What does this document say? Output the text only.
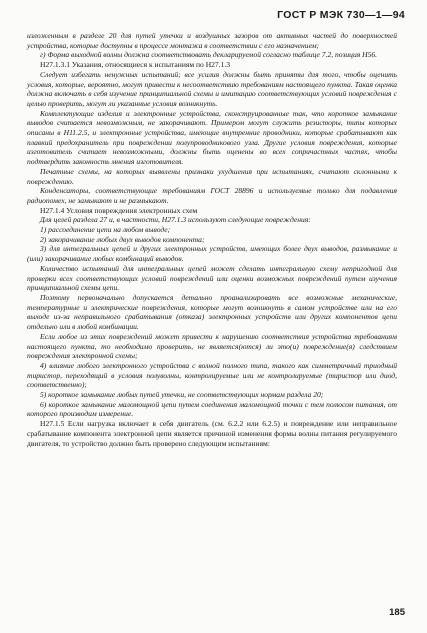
ГОСТ Р МЭК 730—1—94

изложенным в разделе 20 для путей утечки и воздушных зазоров от активных частей до поверхностей устройства, которые доступны в процессе монтажа в соответствии с его назначением;

г) Форма выходной волны должна соответствовать декларируемой согласно таблице 7.2, позиция Н56.

Н27.1.3.1 Указания, относящиеся к испытаниям по Н27.1.3

Следует избегать ненужных испытаний; все усилия должны быть приняты для того, чтобы оценить условия, которые, вероятно, могут привести к несоответствию требованиям настоящего пункта. Такая оценка должна включать в себя изучение принципиальной схемы и имитацию соответствующих условий повреждения с целью проверить, могут ли указанные условия возникнуть.

Комплектующие изделия и электронные устройства, сконструированные так, что короткое замыкание выводов считается невозможным, не закорачивают. Примером могут служить резисторы, типы которых описаны в Н11.2.5, и электронные устройства, имеющие внутренние проводники, которые срабатывают как плавкий предохранитель при повреждении полупроводникового узла. Другие условия повреждения, которые изготовитель считает невозможными, должны быть оценены во всех сопричастных частях, чтобы подтвердить законность мнения изготовителя.

Печатные схемы, на которых выявлены признаки ухудшения при испытаниях, считают склонными к повреждению.

Конденсаторы, соответствующие требованиям ГОСТ 28896 и используемые только для подавления радиопомех, не замыкают и не размыкают.

Н27.1.4 Условия повреждения электронных схем

Для целей раздела 27 и, в частности, Н27.1.3 используют следующие повреждения:

1) рассоединение цепи на любом выводе;

2) закорачивание любых двух выводов компонента;

3) для интегральных цепей и других электронных устройств, имеющих более двух выводов, размыкание и (или) закорачивание любых комбинаций выводов.

Количество испытаний для интегральных цепей может сделать интегральную схему непригодной для проверки всех соответствующих условий повреждений или оценки возможных повреждений путем изучения принципиальной схемы цепи.

Поэтому первоначально допускается детально проанализировать все возможные механические, температурные и электрические повреждения, которые могут возникнуть в самом устройстве или на его выходе из-за неправильного срабатывания (отказа) электронных устройств или других компонентов цепи отдельно или в любой комбинации.

Если любое из этих повреждений может привести к нарушению соответствия устройства требованиям настоящего пункта, то необходимо проверить, не является(ются) ли это(и) повреждение(я) следствием повреждения электронной схемы;

4) влияние любого электронного устройства с волной полного типа, такого как симметричный триодный тиристор, переходящий в условия полуволны, контролируемые или не контролируемые (тиристор или диод, соответственно);

5) короткое замыкание любых путей утечки, не соответствующих нормам раздела 20;

6) короткое замыкание маломощной цепи путем соединения маломощной точки с тем полюсом питания, от которого производим измерение.

Н27.1.5 Если нагрузка включает в себя двигатель (см. 6.2.2 или 6.2.5) и повреждение или неправильное срабатывание компонента электронной цепи является причиной изменения формы волны питания регулируемого двигателя, то устройство должно быть проверено следующим испытаниям:

185
